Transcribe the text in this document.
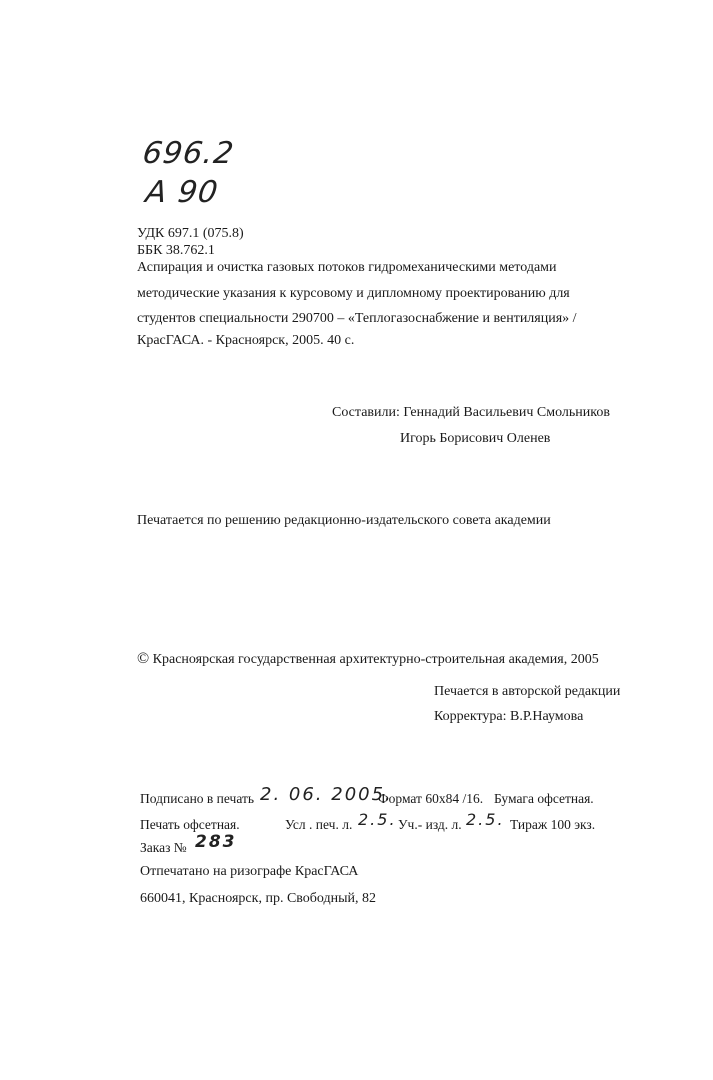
696.2
A 90
УДК 697.1 (075.8)
ББК 38.762.1
Аспирация и очистка газовых потоков гидромеханическими методами
методические указания к курсовому и дипломному проектированию для
студентов специальности 290700 – «Теплогазоснабжение и вентиляция» /
КрасГАСА. - Красноярск, 2005. 40 с.
Составили: Геннадий Васильевич Смольников
Игорь Борисович Оленев
Печатается по решению редакционно-издательского совета академии
© Красноярская государственная архитектурно-строительная академия, 2005
Печается в авторской редакции
Корректура: В.Р.Наумова
Подписано в печать 2. 06. 2005.
Формат 60x84 /16. Бумага офсетная.
Печать офсетная.	Усл . печ. л. 2.5. Уч.- изд. л. 2.5. Тираж 100 экз.
Заказ № 283
Отпечатано на ризографе КрасГАСА
660041, Красноярск, пр. Свободный, 82
